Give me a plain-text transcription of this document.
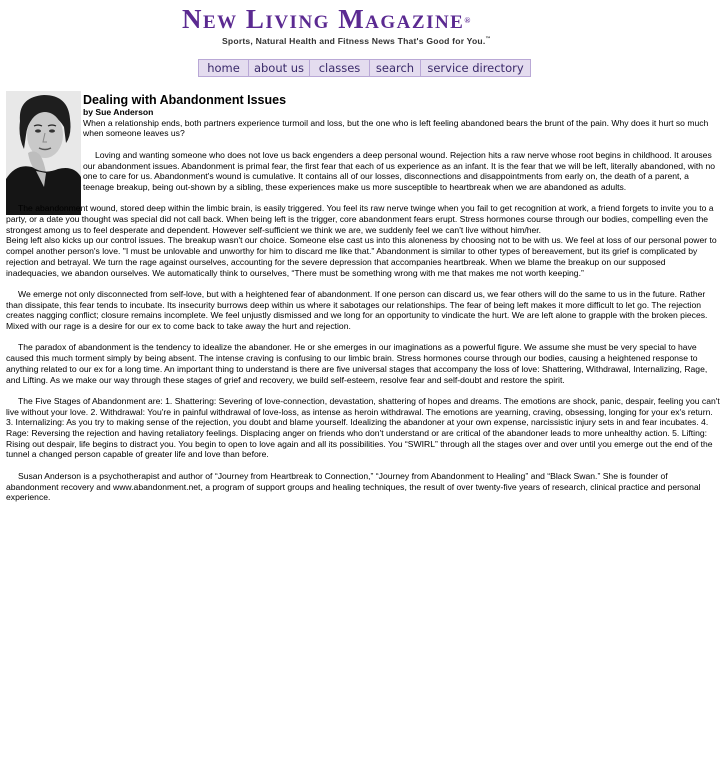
New Living Magazine®
Sports, Natural Health and Fitness News That's Good for You.™
home	about us	classes	search	service directory
Dealing with Abandonment Issues
by Sue Anderson

When a relationship ends, both partners experience turmoil and loss, but the one who is left feeling abandoned bears the brunt of the pain. Why does it hurt so much when someone leaves us?

Loving and wanting someone who does not love us back engenders a deep personal wound. Rejection hits a raw nerve whose root begins in childhood. It arouses our abandonment issues. Abandonment is primal fear, the first fear that each of us experience as an infant. It is the fear that we will be left, literally abandoned, with no one to care for us. Abandonment's wound is cumulative. It contains all of our losses, disconnections and disappointments from early on, the death of a parent, a teenage breakup, being out-shown by a sibling, these experiences make us more susceptible to heartbreak when we are abandoned as adults.

The abandonment wound, stored deep within the limbic brain, is easily triggered. You feel its raw nerve twinge when you fail to get recognition at work, a friend forgets to invite you to a party, or a date you thought was special did not call back. When being left is the trigger, core abandonment fears erupt. Stress hormones course through our bodies, compelling even the strongest among us to feel desperate and dependent. However self-sufficient we think we are, we suddenly feel we can't live without him/her.

Being left also kicks up our control issues. The breakup wasn't our choice. Someone else cast us into this aloneness by choosing not to be with us. We feel at loss of our personal power to compel another person's love. "I must be unlovable and unworthy for him to discard me like that." Abandonment is similar to other types of bereavement, but its grief is complicated by rejection and betrayal. We turn the rage against ourselves, accounting for the severe depression that accompanies heartbreak. When we blame the breakup on our supposed inadequacies, we abandon ourselves. We automatically think to ourselves, “There must be something wrong with me that makes me not worth keeping.”

We emerge not only disconnected from self-love, but with a heightened fear of abandonment. If one person can discard us, we fear others will do the same to us in the future. Rather than dissipate, this fear tends to incubate. Its insecurity burrows deep within us where it sabotages our relationships. The fear of being left makes it more difficult to let go. The rejection creates nagging conflict; closure remains incomplete. We feel unjustly dismissed and we long for an opportunity to vindicate the hurt. We are left alone to grapple with the broken pieces. Mixed with our rage is a desire for our ex to come back to take away the hurt and rejection.

The paradox of abandonment is the tendency to idealize the abandoner. He or she emerges in our imaginations as a powerful figure. We assume she must be very special to have caused this much torment simply by being absent. The intense craving is confusing to our limbic brain. Stress hormones course through our bodies, causing a heightened response to anything related to our ex for a long time. An important thing to understand is there are five universal stages that accompany the loss of love: Shattering, Withdrawal, Internalizing, Rage, and Lifting. As we make our way through these stages of grief and recovery, we build self-esteem, resolve fear and self-doubt and restore the spirit.

The Five Stages of Abandonment are: 1. Shattering: Severing of love-connection, devastation, shattering of hopes and dreams. The emotions are shock, panic, despair, feeling you can't live without your love. 2. Withdrawal: You're in painful withdrawal of love-loss, as intense as heroin withdrawal. The emotions are yearning, craving, obsessing, longing for your ex's return. 3. Internalizing: As you try to making sense of the rejection, you doubt and blame yourself. Idealizing the abandoner at your own expense, narcissistic injury sets in and fear incubates. 4. Rage: Reversing the rejection and having retaliatory feelings. Displacing anger on friends who don't understand or are critical of the abandoner leads to more unhealthy action. 5. Lifting: Rising out despair, life begins to distract you. You begin to open to love again and all its possibilities. You “SWIRL” through all the stages over and over until you emerge out the end of the tunnel a changed person capable of greater life and love than before.

Susan Anderson is a psychotherapist and author of “Journey from Heartbreak to Connection,” “Journey from Abandonment to Healing” and “Black Swan.” She is founder of abandonment recovery and www.abandonment.net, a program of support groups and healing techniques, the result of over twenty-five years of research, clinical practice and personal experience.
